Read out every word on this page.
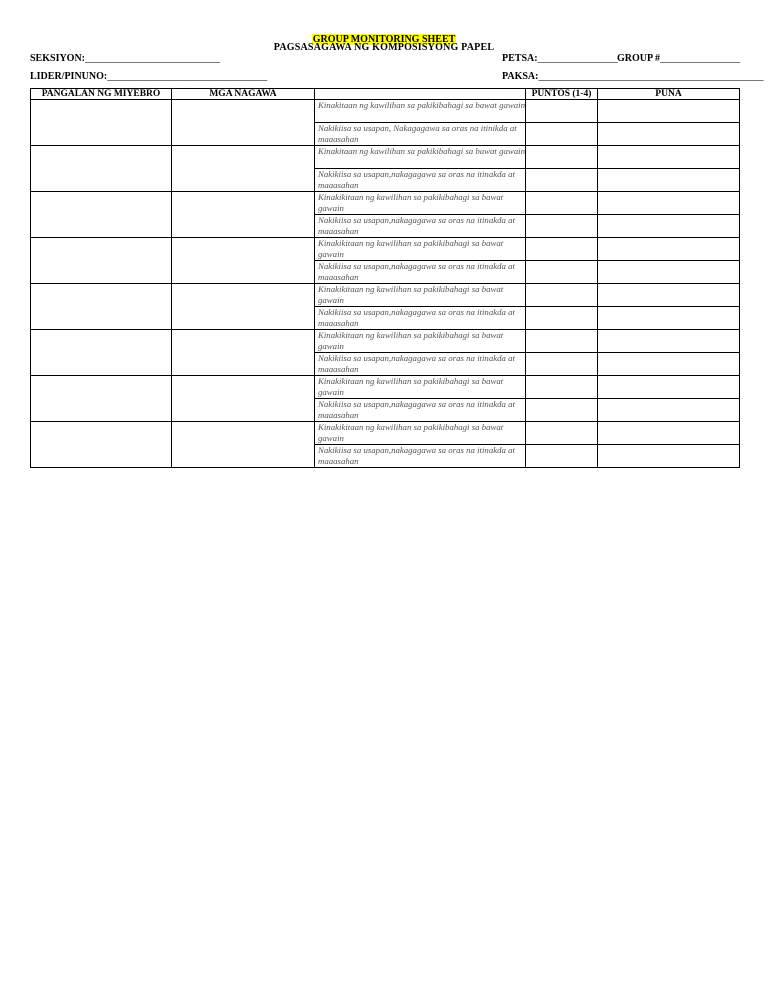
GROUP MONITORING SHEET
PAGSASAGAWA NG KOMPOSISYONG PAPEL
SEKSIYON:___________________________	PETSA:________________ GROUP #________________
LIDER/PINUNO:________________________________	PAKSA:_____________________________________________
PANGALAN NG MIYEBRO	MGA NAGAWA		PUNTOS (1-4)	PUNA
		Kinakitaan ng kawilihan sa pakikibahagi sa bawat gawain		
		Nakikiisa sa usapan, Nakagagawa sa oras na itinikda at maaasahan		
		Kinakitaan ng kawilihan sa pakikibahagi sa bawat gawain		
		Nakikiisa sa usapan,nakagagawa sa oras na itinakda at maaasahan		
		Kinakikitaan ng kawilihan sa pakikibahagi sa bawat gawain		
		Nakikiisa sa usapan,nakagagawa sa oras na itinakda at maaasahan		
		Kinakikitaan ng kawilihan sa pakikibahagi sa bawat gawain		
		Nakikiisa sa usapan,nakagagawa sa oras na itinakda at maaasahan		
		Kinakikitaan ng kawilihan sa pakikibahagi sa bawat gawain		
		Nakikiisa sa usapan,nakagagawa sa oras na itinakda at maaasahan		
		Kinakikitaan ng kawilihan sa pakikibahagi sa bawat gawain		
		Nakikiisa sa usapan,nakagagawa sa oras na itinakda at maaasahan		
		Kinakikitaan ng kawilihan sa pakikibahagi sa bawat gawain		
		Nakikiisa sa usapan,nakagagawa sa oras na itinakda at maaasahan		
		Kinakikitaan ng kawilihan sa pakikibahagi sa bawat gawain		
		Nakikiisa sa usapan,nakagagawa sa oras na itinakda at maaasahan		
